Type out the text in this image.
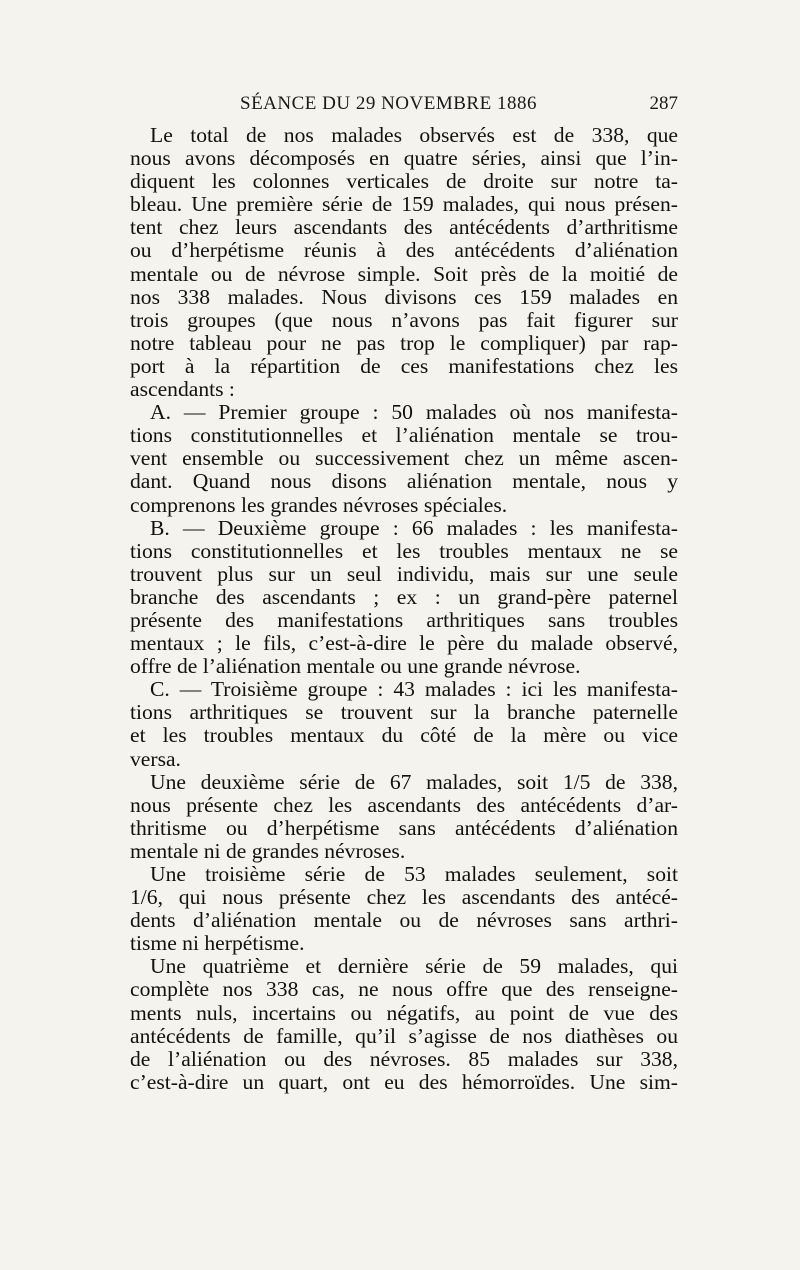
SÉANCE DU 29 NOVEMBRE 1886	287
Le total de nos malades observés est de 338, que
nous avons décomposés en quatre séries, ainsi que l’in-
diquent les colonnes verticales de droite sur notre ta-
bleau. Une première série de 159 malades, qui nous présen-
tent chez leurs ascendants des antécédents d’arthritisme
ou d’herpétisme réunis à des antécédents d’aliénation
mentale ou de névrose simple. Soit près de la moitié de
nos 338 malades. Nous divisons ces 159 malades en
trois groupes (que nous n’avons pas fait figurer sur
notre tableau pour ne pas trop le compliquer) par rap-
port à la répartition de ces manifestations chez les
ascendants :
A. — Premier groupe : 50 malades où nos manifesta-
tions constitutionnelles et l’aliénation mentale se trou-
vent ensemble ou successivement chez un même ascen-
dant. Quand nous disons aliénation mentale, nous y
comprenons les grandes névroses spéciales.
B. — Deuxième groupe : 66 malades : les manifesta-
tions constitutionnelles et les troubles mentaux ne se
trouvent plus sur un seul individu, mais sur une seule
branche des ascendants ; ex : un grand-père paternel
présente des manifestations arthritiques sans troubles
mentaux ; le fils, c’est-à-dire le père du malade observé,
offre de l’aliénation mentale ou une grande névrose.
C. — Troisième groupe : 43 malades : ici les manifesta-
tions arthritiques se trouvent sur la branche paternelle
et les troubles mentaux du côté de la mère ou vice
versa.
Une deuxième série de 67 malades, soit 1/5 de 338,
nous présente chez les ascendants des antécédents d’ar-
thritisme ou d’herpétisme sans antécédents d’aliénation
mentale ni de grandes névroses.
Une troisième série de 53 malades seulement, soit
1/6, qui nous présente chez les ascendants des antécé-
dents d’aliénation mentale ou de névroses sans arthri-
tisme ni herpétisme.
Une quatrième et dernière série de 59 malades, qui
complète nos 338 cas, ne nous offre que des renseigne-
ments nuls, incertains ou négatifs, au point de vue des
antécédents de famille, qu’il s’agisse de nos diathèses ou
de l’aliénation ou des névroses. 85 malades sur 338,
c’est-à-dire un quart, ont eu des hémorroïdes. Une sim-
